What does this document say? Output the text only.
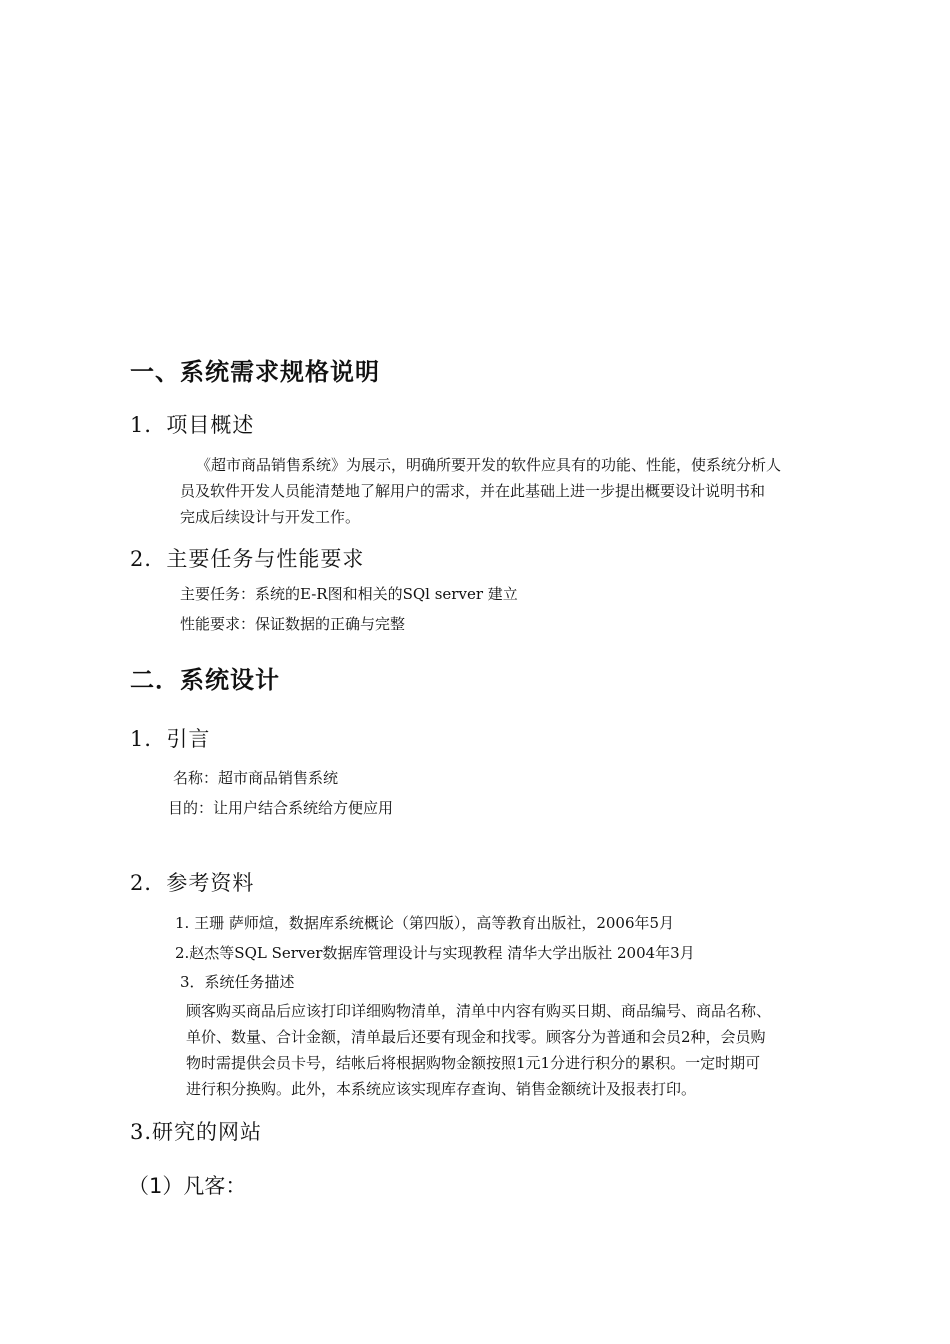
一、系统需求规格说明
1．项目概述
《超市商品销售系统》为展示，明确所要开发的软件应具有的功能、性能，使系统分析人
员及软件开发人员能清楚地了解用户的需求，并在此基础上进一步提出概要设计说明书和
完成后续设计与开发工作。
2．主要任务与性能要求
主要任务：系统的E-R图和相关的SQl server 建立
性能要求：保证数据的正确与完整
二．系统设计
1．引言
名称：超市商品销售系统
目的：让用户结合系统给方便应用
2．参考资料
1. 王珊 萨师煊，数据库系统概论（第四版），高等教育出版社，2006年5月
2.赵杰等SQL Server数据库管理设计与实现教程 清华大学出版社 2004年3月
3．系统任务描述
顾客购买商品后应该打印详细购物清单，清单中内容有购买日期、商品编号、商品名称、
单价、数量、合计金额，清单最后还要有现金和找零。顾客分为普通和会员2种，会员购
物时需提供会员卡号，结帐后将根据购物金额按照1元1分进行积分的累积。一定时期可
进行积分换购。此外，本系统应该实现库存查询、销售金额统计及报表打印。
3.研究的网站
（1）凡客：
